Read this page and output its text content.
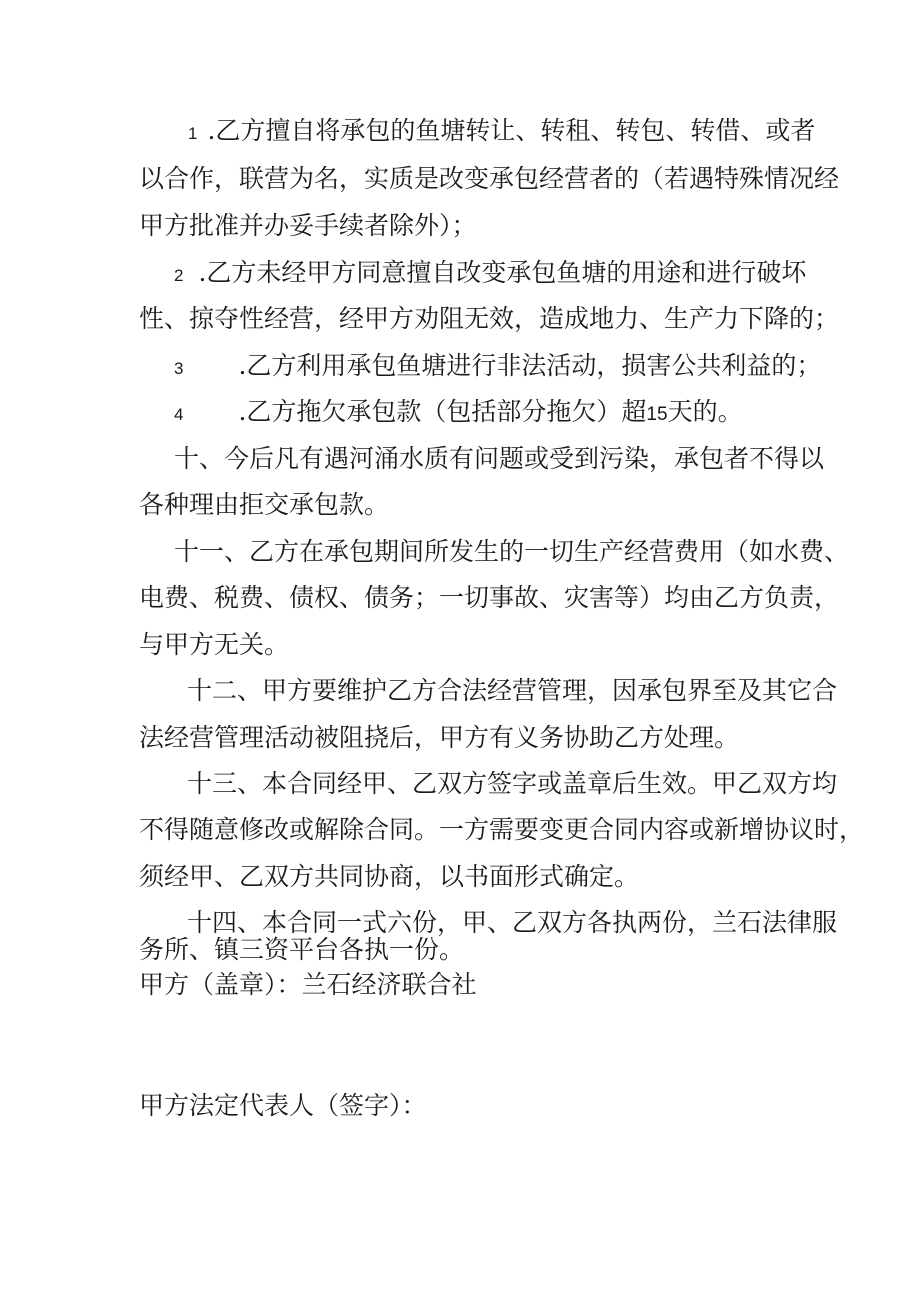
1 .乙方擅自将承包的鱼塘转让、转租、转包、转借、或者
以合作，联营为名，实质是改变承包经营者的（若遇特殊情况经
甲方批准并办妥手续者除外）；
2 .乙方未经甲方同意擅自改变承包鱼塘的用途和进行破坏
性、掠夺性经营，经甲方劝阻无效，造成地力、生产力下降的；
3 .乙方利用承包鱼塘进行非法活动，损害公共利益的；
4 .乙方拖欠承包款（包括部分拖欠）超15天的。
十、今后凡有遇河涌水质有问题或受到污染，承包者不得以
各种理由拒交承包款。
十一、乙方在承包期间所发生的一切生产经营费用（如水费、
电费、税费、债权、债务；一切事故、灾害等）均由乙方负责，
与甲方无关。
十二、甲方要维护乙方合法经营管理，因承包界至及其它合
法经营管理活动被阻挠后，甲方有义务协助乙方处理。
十三、本合同经甲、乙双方签字或盖章后生效。甲乙双方均
不得随意修改或解除合同。一方需要变更合同内容或新增协议时，
须经甲、乙双方共同协商，以书面形式确定。
十四、本合同一式六份，甲、乙双方各执两份，兰石法律服
务所、镇三资平台各执一份。
甲方（盖章）：兰石经济联合社
甲方法定代表人（签字）：
